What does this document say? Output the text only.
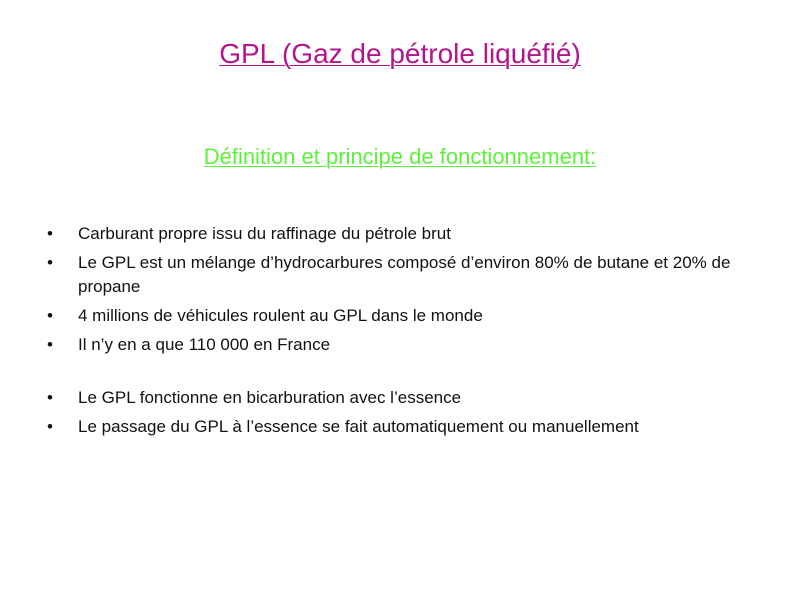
GPL (Gaz de pétrole liquéfié)
Définition et principe de fonctionnement:
•	Carburant propre issu du raffinage du pétrole brut
•	Le GPL est un mélange d’hydrocarbures composé d’environ 80% de butane et 20% de propane
•	4 millions de véhicules roulent au GPL dans le monde
•	Il n’y en a que 110 000 en France
•	Le GPL fonctionne en bicarburation avec l’essence
•	Le passage du GPL à l’essence se fait automatiquement ou manuellement
